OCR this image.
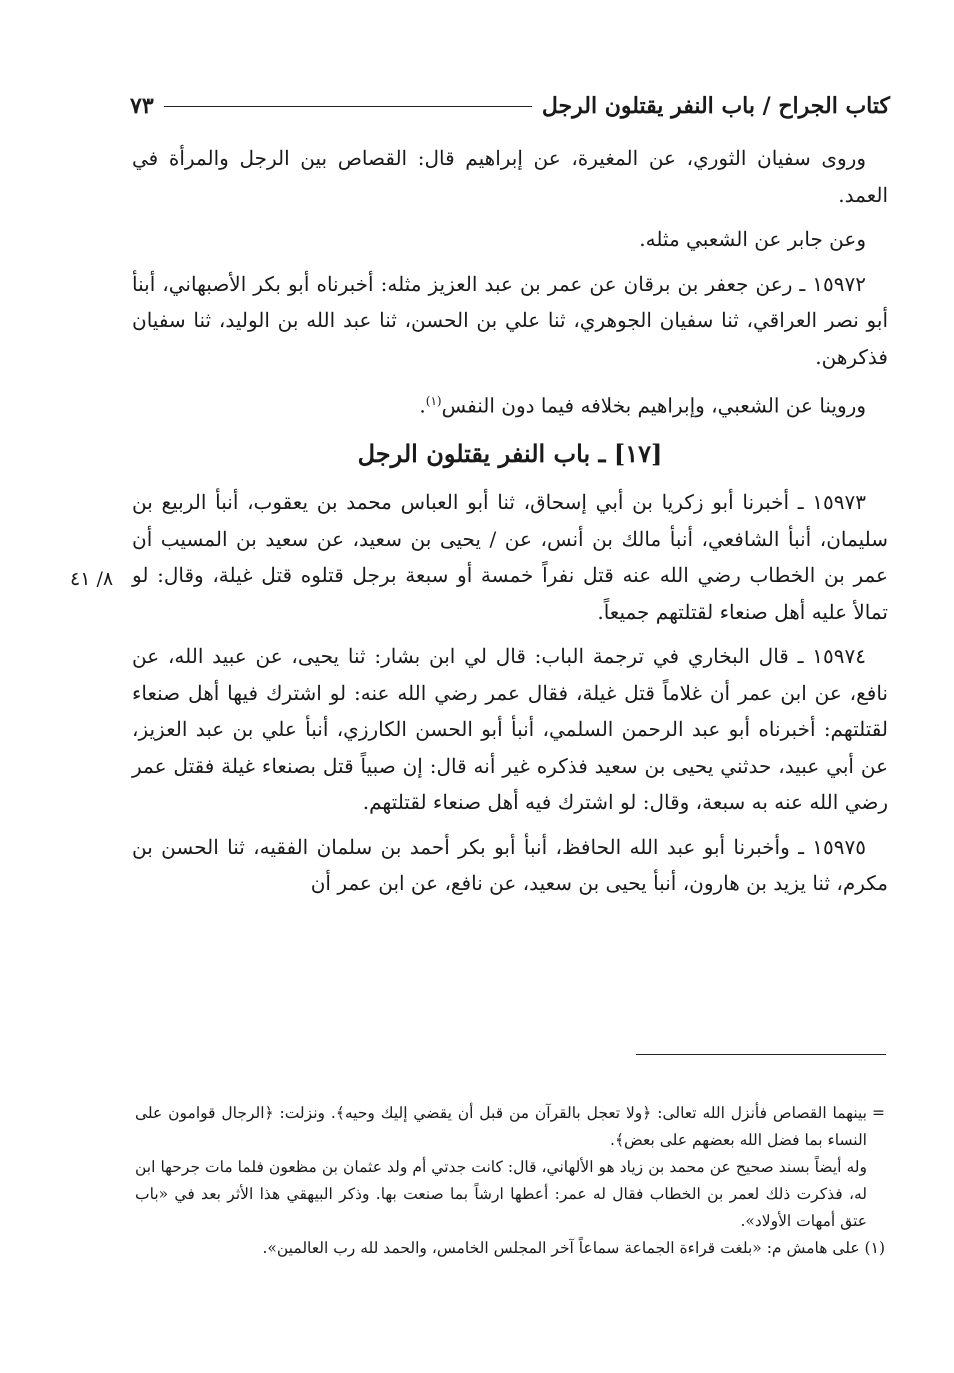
كتاب الجراح / باب النفر يقتلون الرجل
٧٣

وروى سفيان الثوري، عن المغيرة، عن إبراهيم قال: القصاص بين الرجل والمرأة في العمد.

وعن جابر عن الشعبي مثله.

١٥٩٧٢ ـ رعن جعفر بن برقان عن عمر بن عبد العزيز مثله: أخبرناه أبو بكر الأصبهاني، أبنأ أبو نصر العراقي، ثنا سفيان الجوهري، ثنا علي بن الحسن، ثنا عبد الله بن الوليد، ثنا سفيان فذكرهن.

وروينا عن الشعبي، وإبراهيم بخلافه فيما دون النفس$^{(١)}$.

[١٧] ـ باب النفر يقتلون الرجل

١٥٩٧٣ ـ أخبرنا أبو زكريا بن أبي إسحاق، ثنا أبو العباس محمد بن يعقوب، أنبأ الربيع بن سليمان، أنبأ الشافعي، أنبأ مالك بن أنس، عن / يحيى بن سعيد، عن سعيد بن المسيب أن عمر بن الخطاب رضي الله عنه قتل نفراً خمسة أو سبعة برجل قتلوه قتل غيلة، وقال: لو تمالأ عليه أهل صنعاء لقتلتهم جميعاً.

١٥٩٧٤ ـ قال البخاري في ترجمة الباب: قال لي ابن بشار: ثنا يحيى، عن عبيد الله، عن نافع، عن ابن عمر أن غلاماً قتل غيلة، فقال عمر رضي الله عنه: لو اشترك فيها أهل صنعاء لقتلتهم: أخبرناه أبو عبد الرحمن السلمي، أنبأ أبو الحسن الكارزي، أنبأ علي بن عبد العزيز، عن أبي عبيد، حدثني يحيى بن سعيد فذكره غير أنه قال: إن صبياً قتل بصنعاء غيلة فقتل عمر رضي الله عنه به سبعة، وقال: لو اشترك فيه أهل صنعاء لقتلتهم.

١٥٩٧٥ ـ وأخبرنا أبو عبد الله الحافظ، أنبأ أبو بكر أحمد بن سلمان الفقيه، ثنا الحسن بن مكرم، ثنا يزيد بن هارون، أنبأ يحيى بن سعيد، عن نافع، عن ابن عمر أن

٨/ ٤١

=
بينهما القصاص فأنزل الله تعالى: ﴿ولا تعجل بالقرآن من قبل أن يقضي إليك وحيه﴾. ونزلت: ﴿الرجال قوامون على النساء بما فضل الله بعضهم على بعض﴾.

وله أيضاً بسند صحيح عن محمد بن زياد هو الألهاني، قال: كانت جدتي أم ولد عثمان بن مظعون فلما مات جرحها ابن له، فذكرت ذلك لعمر بن الخطاب فقال له عمر: أعطها ارشاً بما صنعت بها. وذكر البيهقي هذا الأثر بعد في «باب عتق أمهات الأولاد».

(١) على هامش م: «بلغت قراءة الجماعة سماعاً آخر المجلس الخامس، والحمد لله رب العالمين».
